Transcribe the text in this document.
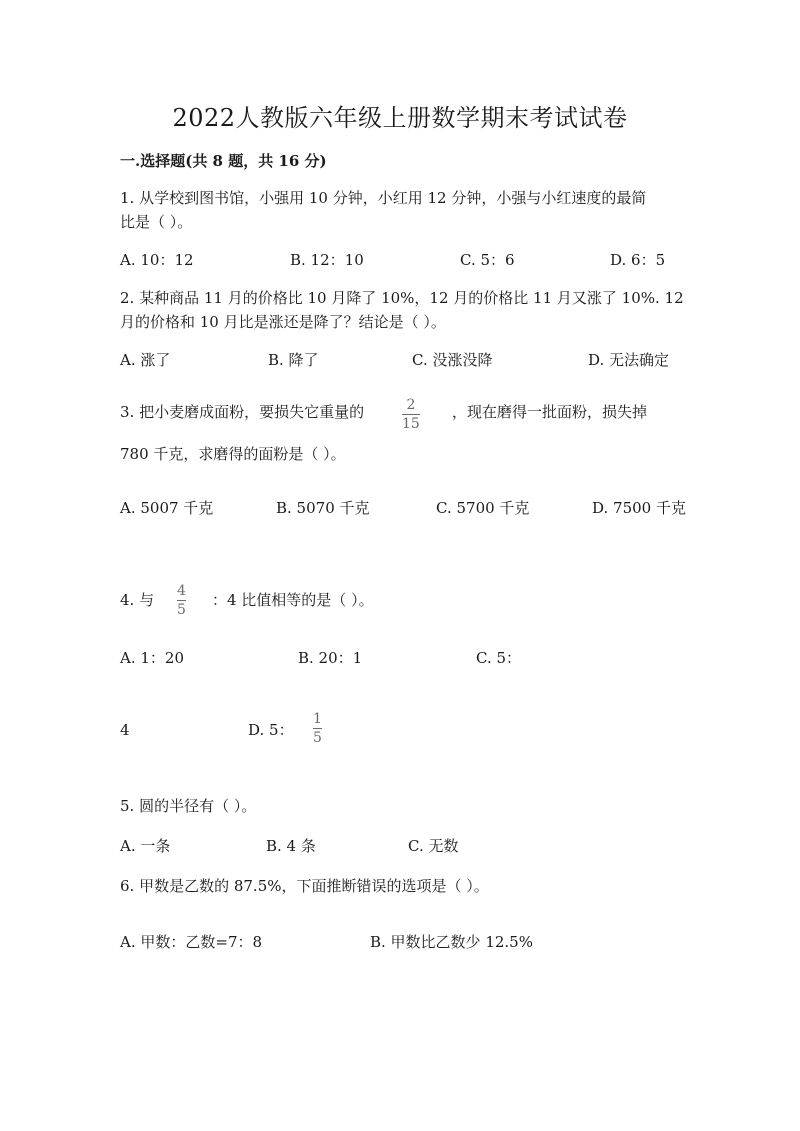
2022人教版六年级上册数学期末考试试卷
一.选择题(共 8 题，共 16 分)
1. 从学校到图书馆，小强用 10 分钟，小红用 12 分钟，小强与小红速度的最简
比是（ ）。
A. 10：12	B. 12：10	C. 5：6	D. 6：5
2. 某种商品 11 月的价格比 10 月降了 10%，12 月的价格比 11 月又涨了 10%. 12
月的价格和 10 月比是涨还是降了？结论是（ ）。
A. 涨了	B. 降了	C. 没涨没降	D. 无法确定
3. 把小麦磨成面粉，要损失它重量的	2
15
，现在磨得一批面粉，损失掉
780 千克，求磨得的面粉是（ ）。
A. 5007 千克	B. 5070 千克	C. 5700 千克	D. 7500 千克
4. 与 4
5
：4 比值相等的是（ ）。
A. 1：20	B. 20：1	C. 5：
4	D. 5：
1
5
5. 圆的半径有（ ）。
A. 一条	B. 4 条	C. 无数
6. 甲数是乙数的 87.5%，下面推断错误的选项是（ ）。
A. 甲数：乙数=7：8	B. 甲数比乙数少 12.5%
